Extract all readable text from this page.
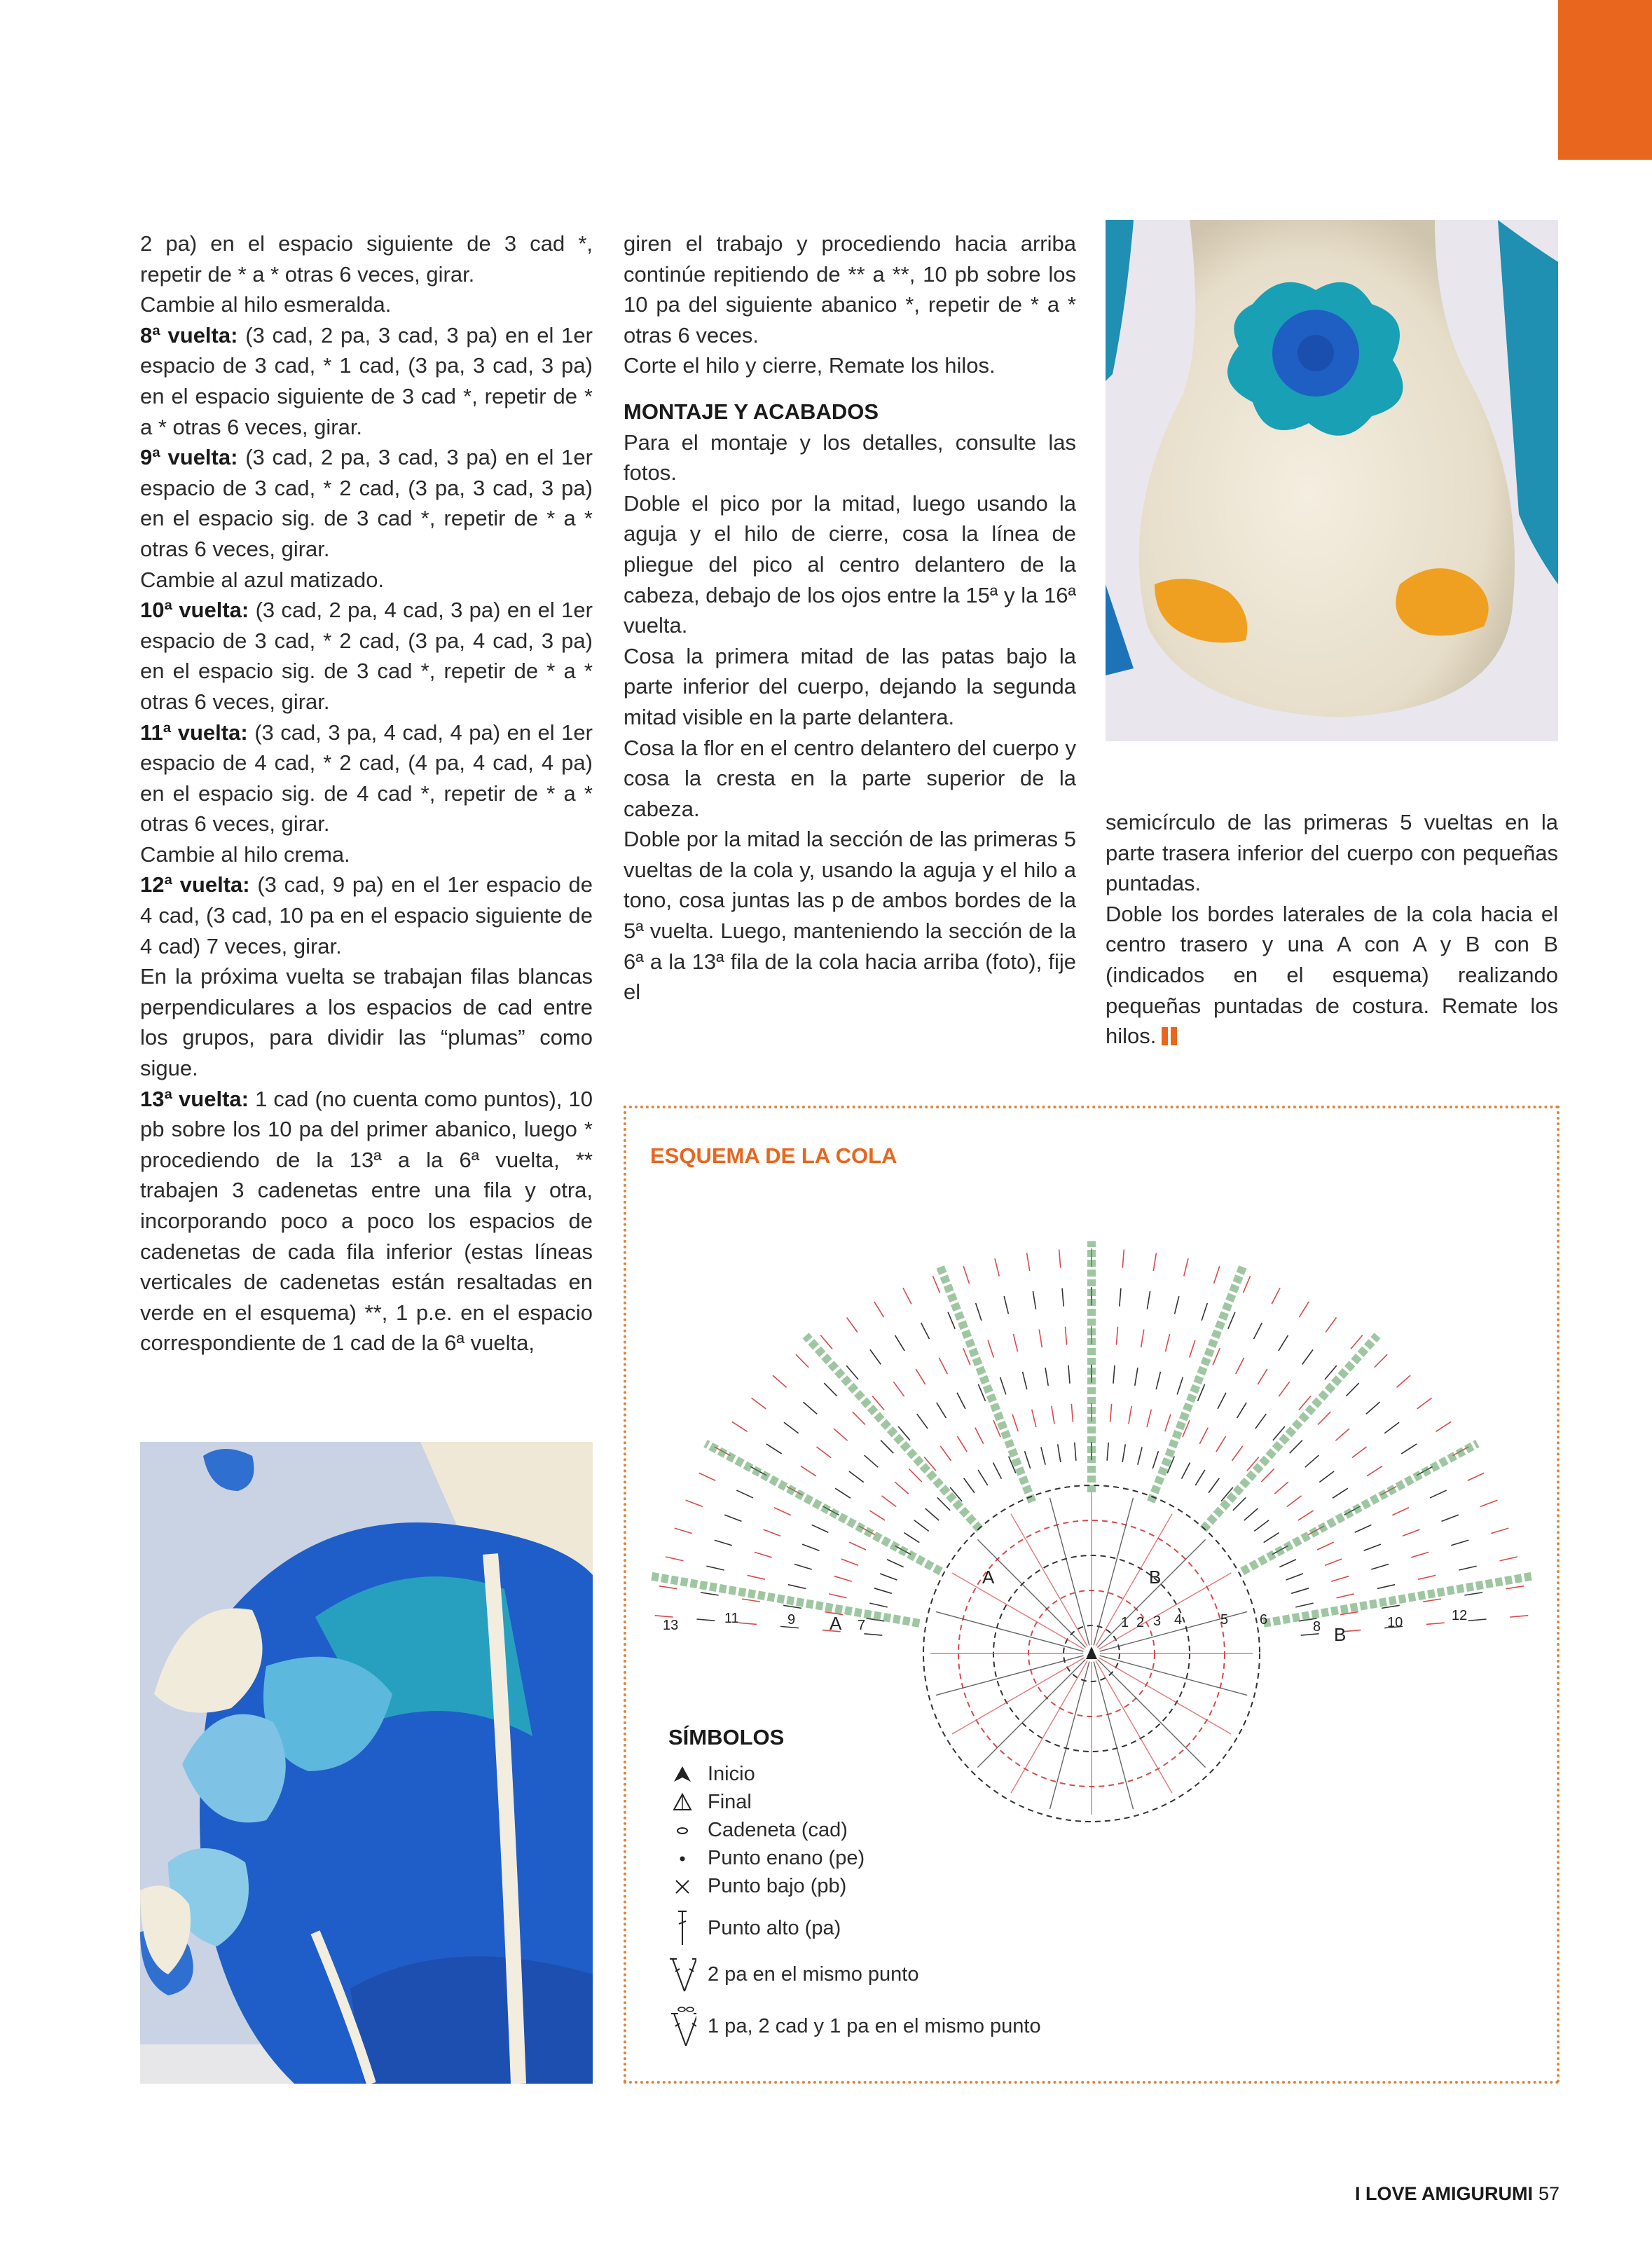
2 pa) en el espacio siguiente de 3 cad *, repetir de * a * otras 6 veces, girar.

Cambie al hilo esmeralda.

8ª vuelta: (3 cad, 2 pa, 3 cad, 3 pa) en el 1er espacio de 3 cad, * 1 cad, (3 pa, 3 cad, 3 pa) en el espacio siguiente de 3 cad *, repetir de * a * otras 6 veces, girar.

9ª vuelta: (3 cad, 2 pa, 3 cad, 3 pa) en el 1er espacio de 3 cad, * 2 cad, (3 pa, 3 cad, 3 pa) en el espacio sig. de 3 cad *, repetir de * a * otras 6 veces, girar.

Cambie al azul matizado.

10ª vuelta: (3 cad, 2 pa, 4 cad, 3 pa) en el 1er espacio de 3 cad, * 2 cad, (3 pa, 4 cad, 3 pa) en el espacio sig. de 3 cad *, repetir de * a * otras 6 veces, girar.

11ª vuelta: (3 cad, 3 pa, 4 cad, 4 pa) en el 1er espacio de 4 cad, * 2 cad, (4 pa, 4 cad, 4 pa) en el espacio sig. de 4 cad *, repetir de * a * otras 6 veces, girar.

Cambie al hilo crema.

12ª vuelta: (3 cad, 9 pa) en el 1er espacio de 4 cad, (3 cad, 10 pa en el espacio siguiente de 4 cad) 7 veces, girar.

En la próxima vuelta se trabajan filas blancas perpendiculares a los espacios de cad entre los grupos, para dividir las “plumas” como sigue.

13ª vuelta: 1 cad (no cuenta como puntos), 10 pb sobre los 10 pa del primer abanico, luego * procediendo de la 13ª a la 6ª vuelta, ** trabajen 3 cadenetas entre una fila y otra, incorporando poco a poco los espacios de cadenetas de cada fila inferior (estas líneas verticales de cadenetas están resaltadas en verde en el esquema) **, 1 p.e. en el espacio correspondiente de 1 cad de la 6ª vuelta,

giren el trabajo y procediendo hacia arriba continúe repitiendo de ** a **, 10 pb sobre los 10 pa del siguiente abanico *, repetir de * a * otras 6 veces.

Corte el hilo y cierre, Remate los hilos.

MONTAJE Y ACABADOS

Para el montaje y los detalles, consulte las fotos.

Doble el pico por la mitad, luego usando la aguja y el hilo de cierre, cosa la línea de pliegue del pico al centro delantero de la cabeza, debajo de los ojos entre la 15ª y la 16ª vuelta.

Cosa la primera mitad de las patas bajo la parte inferior del cuerpo, dejando la segunda mitad visible en la parte delantera.

Cosa la flor en el centro delantero del cuerpo y cosa la cresta en la parte superior de la cabeza.

Doble por la mitad la sección de las primeras 5 vueltas de la cola y, usando la aguja y el hilo a tono, cosa juntas las p de ambos bordes de la 5ª vuelta. Luego, manteniendo la sección de la 6ª a la 13ª fila de la cola hacia arriba (foto), fije el

semicírculo de las primeras 5 vueltas en la parte trasera inferior del cuerpo con pequeñas puntadas.

Doble los bordes laterales de la cola hacia el centro trasero y una A con A y B con B (indicados en el esquema) realizando pequeñas puntadas de costura. Remate los hilos.

ESQUEMA DE LA COLA
A	B
A
B
13	11	9	7	1 2 3 4	5 6	8	10	12
SÍMBOLOS
Inicio
Final
Cadeneta (cad)
Punto enano (pe)
Punto bajo (pb)
Punto alto (pa)
2 pa en el mismo punto
1 pa, 2 cad y 1 pa en el mismo punto
I LOVE AMIGURUMI 57
